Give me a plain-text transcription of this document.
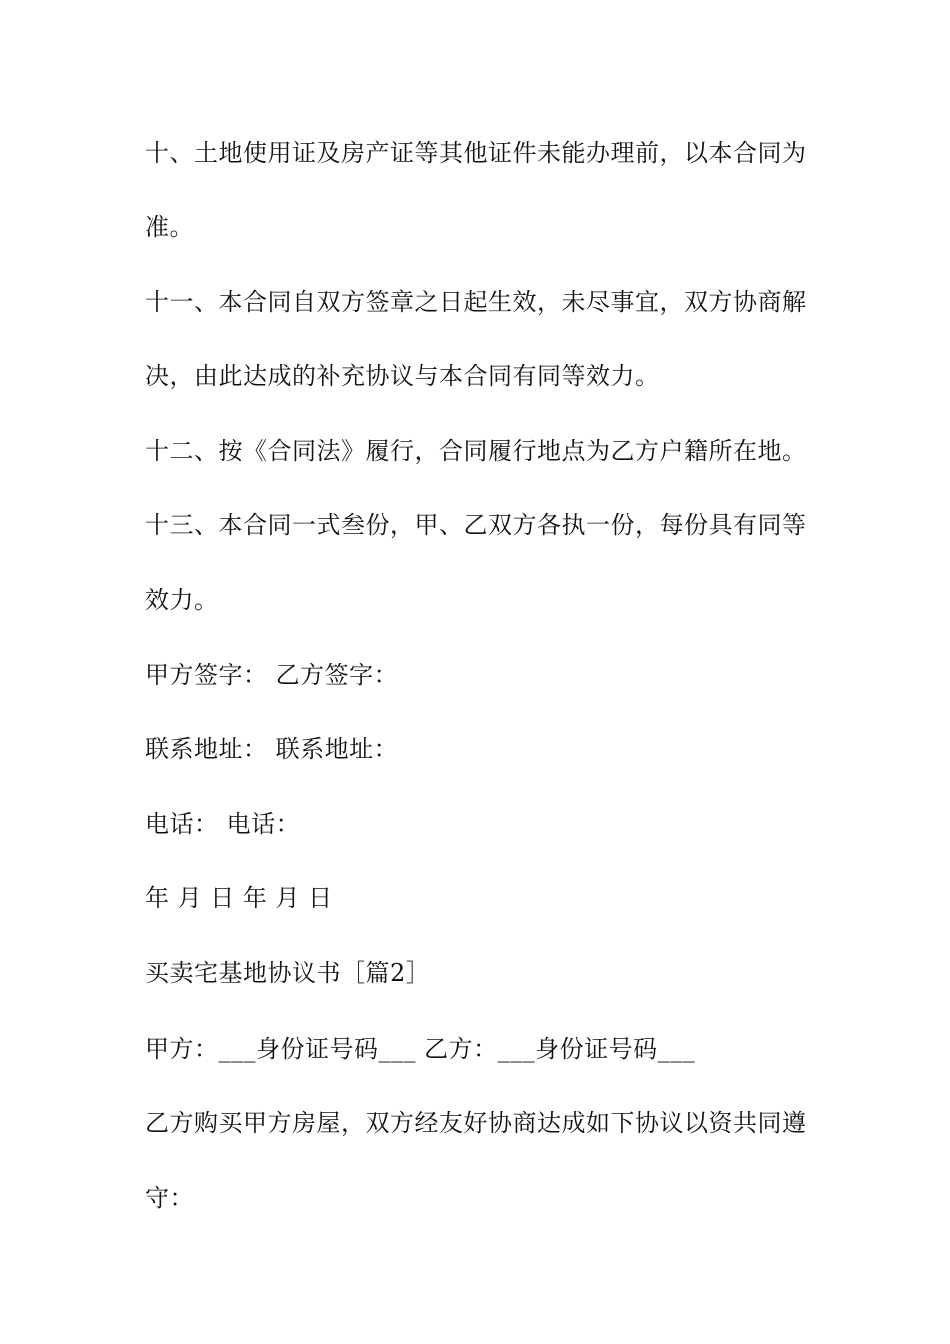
十、土地使用证及房产证等其他证件未能办理前，以本合同为
准。
十一、本合同自双方签章之日起生效，未尽事宜，双方协商解
决，由此达成的补充协议与本合同有同等效力。
十二、按《合同法》履行，合同履行地点为乙方户籍所在地。
十三、本合同一式叁份，甲、乙双方各执一份，每份具有同等
效力。
甲方签字： 乙方签字：
联系地址： 联系地址：
电话： 电话：
年 月 日 年 月 日
买卖宅基地协议书［篇2］
甲方：___身份证号码___ 乙方：___身份证号码___
乙方购买甲方房屋，双方经友好协商达成如下协议以资共同遵
守：
